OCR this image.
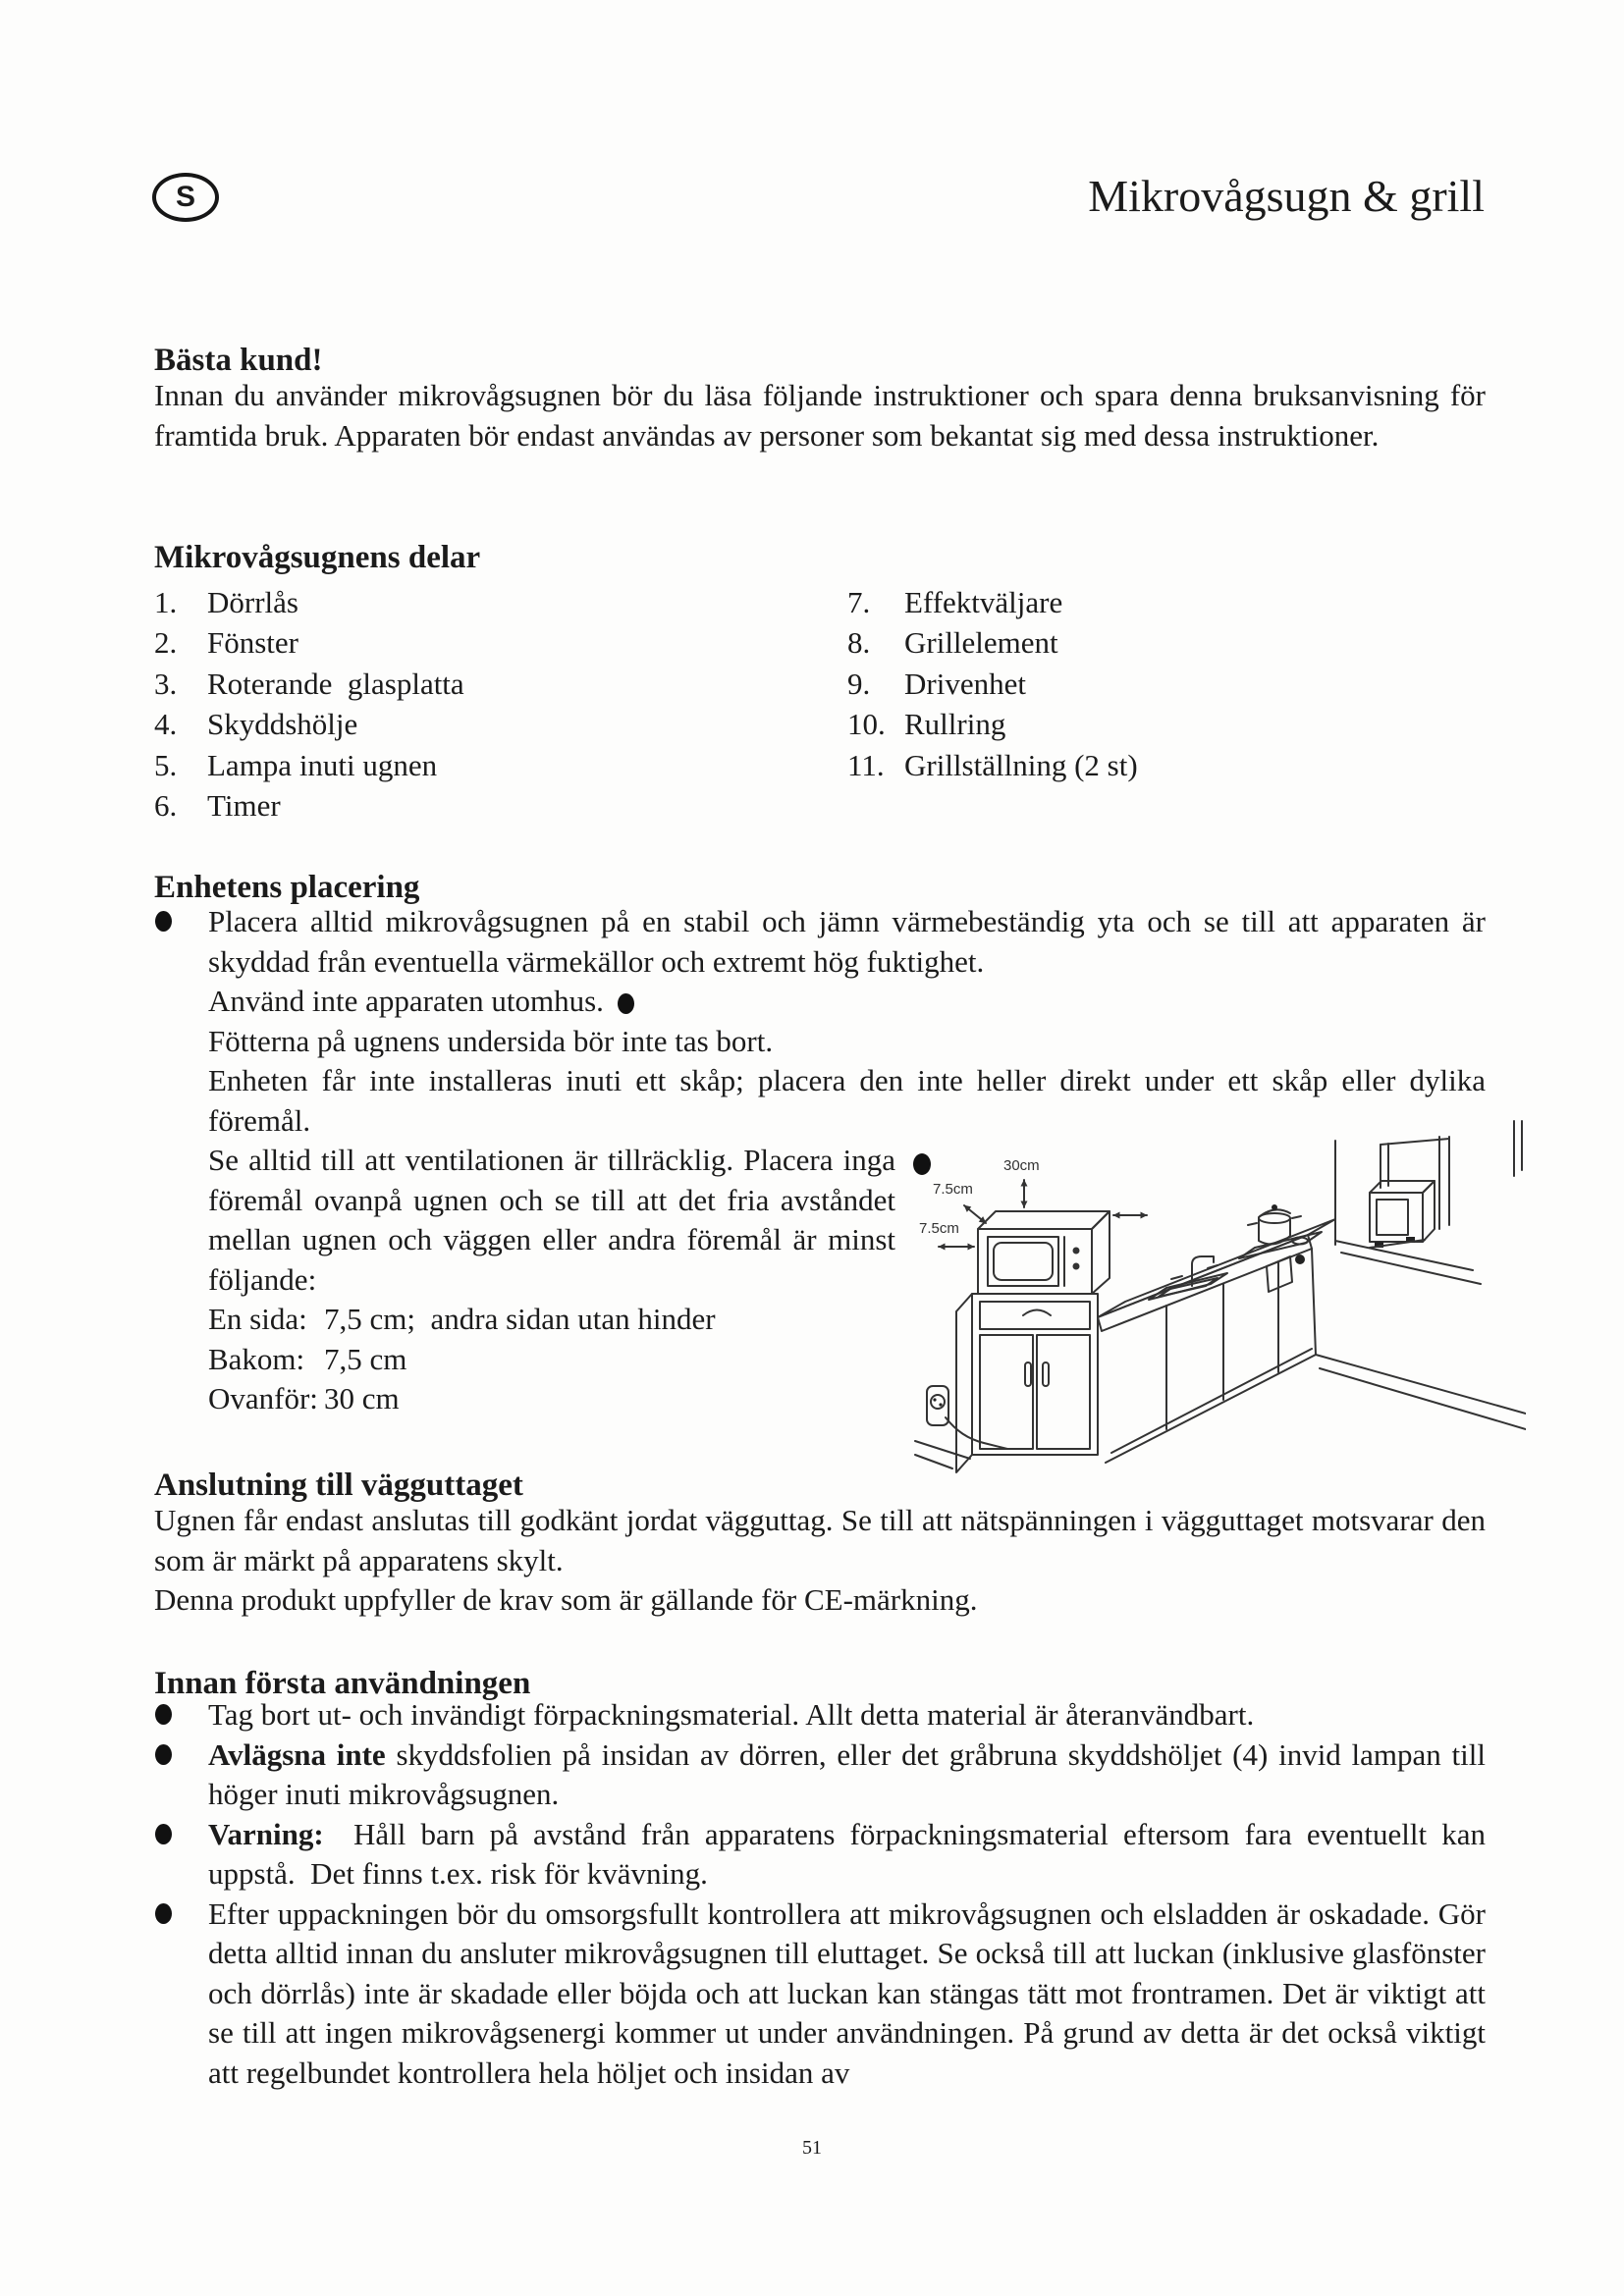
S	Mikrovågsugn & grill
Bästa kund!

Innan du använder mikrovågsugnen bör du läsa följande instruktioner och spara denna bruksanvisning för framtida bruk. Apparaten bör endast användas av personer som bekantat sig med dessa instruktioner.

Mikrovågsugnens delar
1. Dörrlås
2. Fönster
3. Roterande  glasplatta
4. Skyddshölje
5. Lampa inuti ugnen
6. Timer
7.	Effektväljare
8.	Grillelement
9.	Drivenhet
10. Rullring
11. Grillställning (2 st)
Enhetens placering

Placera alltid mikrovågsugnen på en stabil och jämn värmebeständig yta och se till att apparaten är skyddad från eventuella värmekällor och extremt hög fuktighet.

Använd inte apparaten utomhus.
Fötterna på ugnens undersida bör inte tas bort.

Enheten får inte installeras inuti ett skåp; placera den inte heller direkt under ett skåp eller dylika föremål.

Se alltid till att ventilationen är tillräcklig. Placera inga föremål ovanpå ugnen och se till att det fria avståndet mellan ugnen och väggen eller andra föremål är minst följande:

En sida: 7,5 cm;  andra sidan utan hinder
Bakom: 7,5 cm
Ovanför: 30 cm
30cm
7.5cm
7.5cm
Anslutning till vägguttaget

Ugnen får endast anslutas till godkänt jordat vägguttag. Se till att nätspänningen i vägguttaget motsvarar den som är märkt på apparatens skylt.

Denna produkt uppfyller de krav som är gällande för CE-märkning.

Innan första användningen

Tag bort ut- och invändigt förpackningsmaterial. Allt detta material är återanvändbart.

Avlägsna inte skyddsfolien på insidan av dörren, eller det gråbruna skyddshöljet (4) invid lampan till höger inuti mikrovågsugnen.

Varning:  Håll barn på avstånd från apparatens förpackningsmaterial eftersom fara eventuellt kan uppstå.  Det finns t.ex. risk för kvävning.

Efter uppackningen bör du omsorgsfullt kontrollera att mikrovågsugnen och elsladden är oskadade. Gör detta alltid innan du ansluter mikrovågsugnen till eluttaget. Se också till att luckan (inklusive glasfönster och dörrlås) inte är skadade eller böjda och att luckan kan stängas tätt mot frontramen. Det är viktigt att se till att ingen mikrovågsenergi kommer ut under användningen. På grund av detta är det också viktigt att regelbundet kontrollera hela höljet och insidan av

51
